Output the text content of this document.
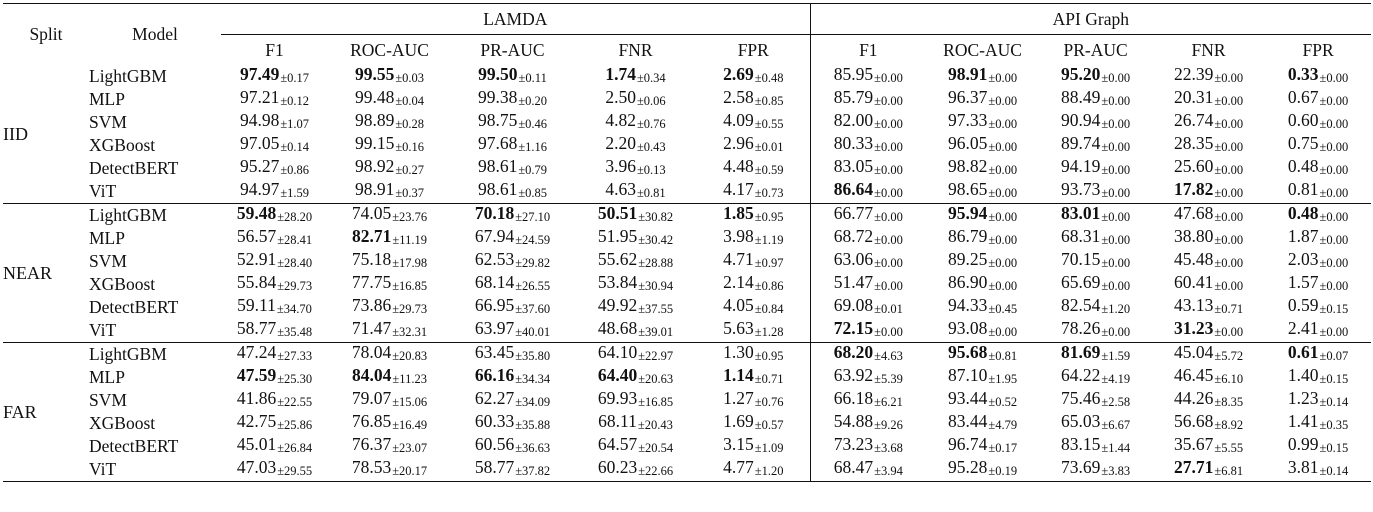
Split	Model	LAMDA					API Graph				
		F1	ROC-AUC	PR-AUC	FNR	FPR	F1	ROC-AUC	PR-AUC	FNR	FPR
IID	LightGBM	97.49±0.17	99.55±0.03	99.50±0.11	1.74±0.34	2.69±0.48	85.95±0.00	98.91±0.00	95.20±0.00	22.39±0.00	0.33±0.00
	MLP	97.21±0.12	99.48±0.04	99.38±0.20	2.50±0.06	2.58±0.85	85.79±0.00	96.37±0.00	88.49±0.00	20.31±0.00	0.67±0.00
	SVM	94.98±1.07	98.89±0.28	98.75±0.46	4.82±0.76	4.09±0.55	82.00±0.00	97.33±0.00	90.94±0.00	26.74±0.00	0.60±0.00
	XGBoost	97.05±0.14	99.15±0.16	97.68±1.16	2.20±0.43	2.96±0.01	80.33±0.00	96.05±0.00	89.74±0.00	28.35±0.00	0.75±0.00
	DetectBERT	95.27±0.86	98.92±0.27	98.61±0.79	3.96±0.13	4.48±0.59	83.05±0.00	98.82±0.00	94.19±0.00	25.60±0.00	0.48±0.00
	ViT	94.97±1.59	98.91±0.37	98.61±0.85	4.63±0.81	4.17±0.73	86.64±0.00	98.65±0.00	93.73±0.00	17.82±0.00	0.81±0.00
NEAR	LightGBM	59.48±28.20	74.05±23.76	70.18±27.10	50.51±30.82	1.85±0.95	66.77±0.00	95.94±0.00	83.01±0.00	47.68±0.00	0.48±0.00
	MLP	56.57±28.41	82.71±11.19	67.94±24.59	51.95±30.42	3.98±1.19	68.72±0.00	86.79±0.00	68.31±0.00	38.80±0.00	1.87±0.00
	SVM	52.91±28.40	75.18±17.98	62.53±29.82	55.62±28.88	4.71±0.97	63.06±0.00	89.25±0.00	70.15±0.00	45.48±0.00	2.03±0.00
	XGBoost	55.84±29.73	77.75±16.85	68.14±26.55	53.84±30.94	2.14±0.86	51.47±0.00	86.90±0.00	65.69±0.00	60.41±0.00	1.57±0.00
	DetectBERT	59.11±34.70	73.86±29.73	66.95±37.60	49.92±37.55	4.05±0.84	69.08±0.01	94.33±0.45	82.54±1.20	43.13±0.71	0.59±0.15
	ViT	58.77±35.48	71.47±32.31	63.97±40.01	48.68±39.01	5.63±1.28	72.15±0.00	93.08±0.00	78.26±0.00	31.23±0.00	2.41±0.00
FAR	LightGBM	47.24±27.33	78.04±20.83	63.45±35.80	64.10±22.97	1.30±0.95	68.20±4.63	95.68±0.81	81.69±1.59	45.04±5.72	0.61±0.07
	MLP	47.59±25.30	84.04±11.23	66.16±34.34	64.40±20.63	1.14±0.71	63.92±5.39	87.10±1.95	64.22±4.19	46.45±6.10	1.40±0.15
	SVM	41.86±22.55	79.07±15.06	62.27±34.09	69.93±16.85	1.27±0.76	66.18±6.21	93.44±0.52	75.46±2.58	44.26±8.35	1.23±0.14
	XGBoost	42.75±25.86	76.85±16.49	60.33±35.88	68.11±20.43	1.69±0.57	54.88±9.26	83.44±4.79	65.03±6.67	56.68±8.92	1.41±0.35
	DetectBERT	45.01±26.84	76.37±23.07	60.56±36.63	64.57±20.54	3.15±1.09	73.23±3.68	96.74±0.17	83.15±1.44	35.67±5.55	0.99±0.15
	ViT	47.03±29.55	78.53±20.17	58.77±37.82	60.23±22.66	4.77±1.20	68.47±3.94	95.28±0.19	73.69±3.83	27.71±6.81	3.81±0.14
